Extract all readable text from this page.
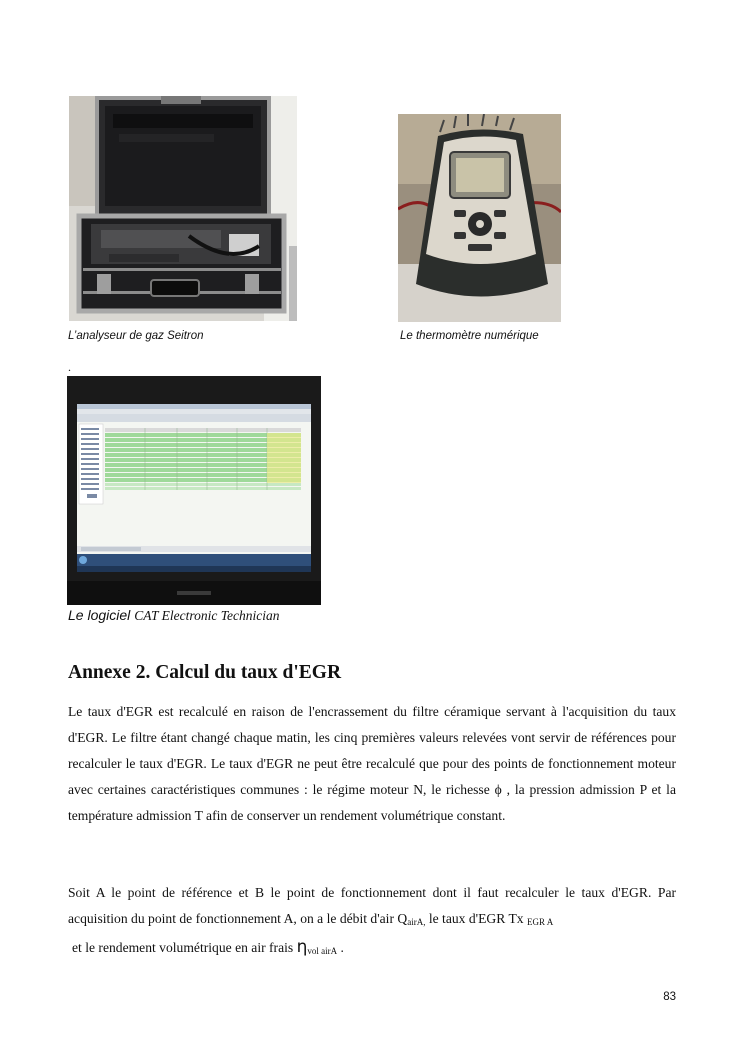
L’analyseur de gaz Seitron	Le thermomètre numérique
.
Le logiciel CAT Electronic Technician
Annexe 2. Calcul du taux d'EGR
Le taux d'EGR est recalculé en raison de l'encrassement du filtre céramique servant à l'acquisition du taux d'EGR. Le filtre étant changé chaque matin, les cinq premières valeurs relevées vont servir de références pour recalculer le taux d'EGR. Le taux d'EGR ne peut être recalculé que pour des points de fonctionnement moteur avec certaines caractéristiques communes : le régime moteur N, le richesse ϕ , la pression admission P et la température admission T afin de conserver un rendement volumétrique constant.
Soit A le point de référence et B le point de fonctionnement dont il faut recalculer le taux d'EGR. Par acquisition du point de fonctionnement A, on a le débit d'air $Q_{airA,}$ le taux d'EGR Tx $_{EGR A}$
et le rendement volumétrique en air frais $\eta_{vol airA}$ .
83
